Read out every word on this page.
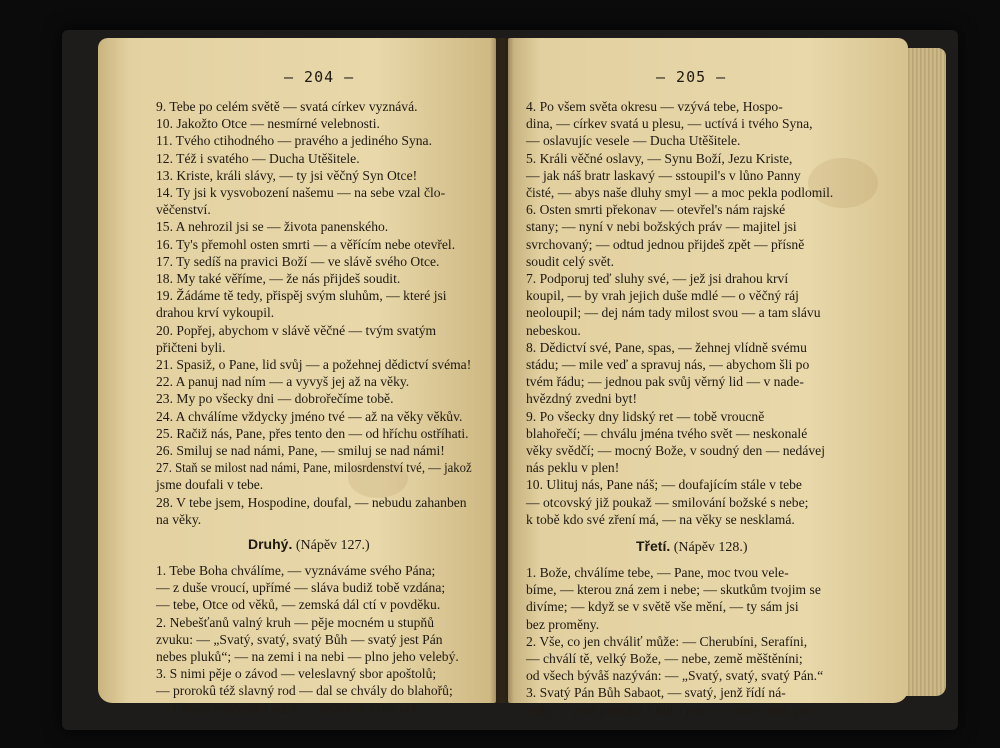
— 204 —
9. Tebe po celém světě — svatá církev vyznává.
10. Jakožto Otce — nesmírné velebnosti.
11. Tvého ctihodného — pravého a jediného Syna.
12. Též i svatého — Ducha Utěšitele.
13. Kriste, králi slávy, — ty jsi věčný Syn Otce!
14. Ty jsi k vysvobození našemu — na sebe vzal člo-
věčenství.
15. A nehrozil jsi se — života panenského.
16. Ty's přemohl osten smrti — a věřícím nebe otevřel.
17. Ty sedíš na pravici Boží — ve slávě svého Otce.
18. My také věříme, — že nás přijdeš soudit.
19. Žádáme tě tedy, přispěj svým sluhům, — které jsi
drahou krví vykoupil.
20. Popřej, abychom v slávě věčné — tvým svatým
přičteni byli.
21. Spasiž, o Pane, lid svůj — a požehnej dědictví svéma!
22. A panuj nad ním — a vyvyš jej až na věky.
23. My po všecky dni — dobrořečíme tobě.
24. A chválíme vždycky jméno tvé — až na věky věkův.
25. Račiž nás, Pane, přes tento den — od hříchu ostříhati.
26. Smiluj se nad námi, Pane, — smiluj se nad námi!
27. Staň se milost nad námi, Pane, milosrdenství tvé, — jakož
jsme doufali v tebe.
28. V tebe jsem, Hospodine, doufal, — nebudu zahanben
na věky.
Druhý. (Nápěv 127.)
1. Tebe Boha chválíme, — vyznáváme svého Pána;
— z duše vroucí, upřímé — sláva budiž tobě vzdána;
— tebe, Otce od věků, — zemská dál ctí v povděku.
2. Nebešťanů valný kruh — pěje mocném u stupňů
zvuku: — „Svatý, svatý, svatý Bůh — svatý jest Pán
nebes pluků“; — na zemi i na nebi — plno jeho velebý.
3. S nimi pěje o závod — veleslavný sbor apoštolů;
— prorokû též slavný rod — dal se chvály do blahořů;
— i všech mučeníků vděk — ozývá se věků věk.
— 205 —
4. Po všem světa okresu — vzývá tebe, Hospo-
dina, — církev svatá u plesu, — uctívá i tvého Syna,
— oslavujíc vesele — Ducha Utěšitele.
5. Králi věčné oslavy, — Synu Boží, Jezu Kriste,
— jak náš bratr laskavý — sstoupil's v lůno Panny
čisté, — abys naše dluhy smyl — a moc pekla podlomil.
6. Osten smrti překonav — otevřel's nám rajské
stany; — nyní v nebi božských práv — majitel jsi
svrchovaný; — odtud jednou přijdeš zpět — přísně
soudit celý svět.
7. Podporuj teď sluhy své, — jež jsi drahou krví
koupil, — by vrah jejich duše mdlé — o věčný ráj
neoloupil; — dej nám tady milost svou — a tam slávu
nebeskou.
8. Dědictví své, Pane, spas, — žehnej vlídně svému
stádu; — mile veď a spravuj nás, — abychom šli po
tvém řádu; — jednou pak svůj věrný lid — v nade-
hvězdný zvedni byt!
9. Po všecky dny lidský ret — tobě vroucně
blahořečí; — chválu jména tvého svět — neskonalé
věky svědčí; — mocný Bože, v soudný den — nedávej
nás peklu v plen!
10. Ulituj nás, Pane náš; — doufajícím stále v tebe
— otcovský již poukaž — smilování božské s nebe;
k tobě kdo své zření má, — na věky se nesklamá.
Třetí. (Nápěv 128.)
1. Bože, chválíme tebe, — Pane, moc tvou vele-
bíme, — kterou zná zem i nebe; — skutkům tvojim se
divíme; — když se v světě vše mění, — ty sám jsi
bez proměny.
2. Vše, co jen chváliť může: — Cherubíni, Serafíni,
— chválí tě, velký Bože, — nebe, země měštěníni;
od všech bývåš nazýván: — „Svatý, svatý, svatý Pán.“
3. Svatý Pán Bůh Sabaot, — svatý, jenž řídí ná-
rody, — jenž pomáhá z bíd a psot; — nebe, zem, po-
